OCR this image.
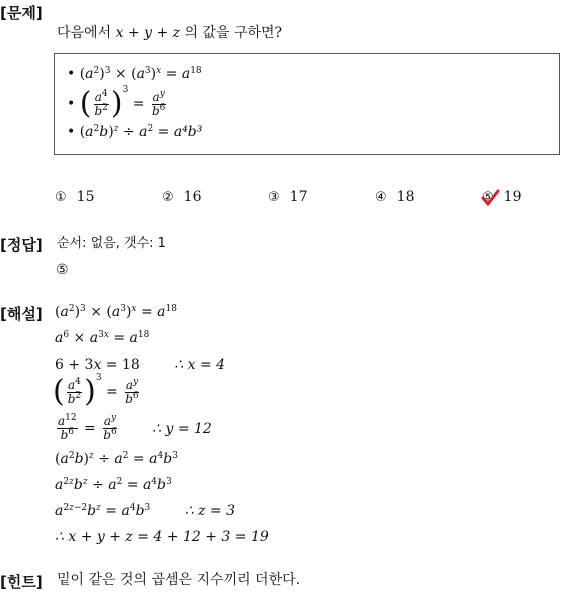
[문제]
[정답]
[해설]
[힌트]
다음에서 x + y + z 의 값을 구하면?
• $(a^2)^3 \times (a^3)^x = a^{18}$
• ( $\frac{a^4}{b^2} )^3 = \frac{a^y}{b^6}$
• $(a^2b)^z \div a^2 = a^4b^3$
① 15	② 16	③ 17	④ 18	⑤ 19
순서: 없음, 갯수: 1
⑤
$(a^2)^3 \times (a^3)^x = a^{18}$
$a^6 \times a^{3x} = a^{18}$
6 + 3x = 18 ∴ x = 4
( $\frac{a^4}{b^2} )^3 = \frac{a^y}{b^6}$
$\frac{a^{12}}{b^6} = \frac{a^y}{b^6}$ ∴ y = 12
$(a^2b)^z \div a^2 = a^4b^3$
$a^{2z}b^z \div a^2 = a^4b^3$
$a^{2z-2}b^z = a^4b^3$ ∴ z = 3
∴ x + y + z = 4 + 12 + 3 = 19
밑이 같은 것의 곱셈은 지수끼리 더한다.
